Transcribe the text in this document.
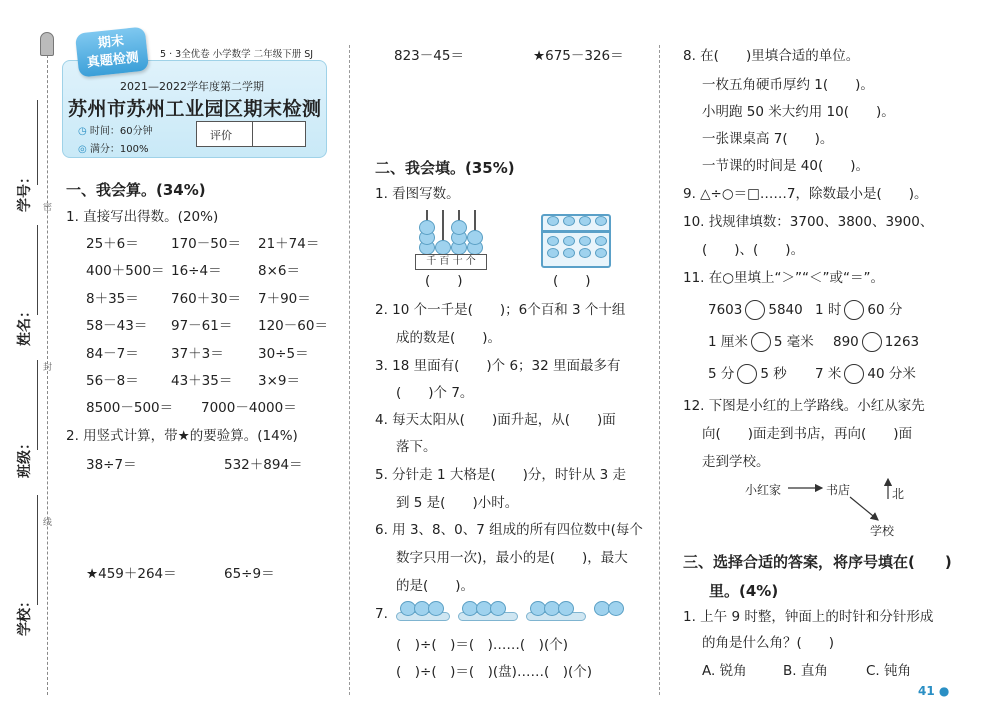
学号：
姓名：
班级：
学校：
密
封
线
期末
真题检测	5 · 3全优卷 小学数学 二年级下册 SJ
2021—2022学年度第二学期
苏州市苏州工业园区期末检测
◷ 时间：60分钟
◎ 满分：100%
评价
一、我会算。(34%)
1. 直接写出得数。(20%)
25＋6＝ 170－50＝ 21＋74＝
400＋500＝ 16÷4＝	8×6＝
8＋35＝ 760＋30＝ 7＋90＝
58－43＝ 97－61＝ 120－60＝
84－7＝ 37＋3＝	30÷5＝
56－8＝ 43＋35＝ 3×9＝
8500－500＝ 7000－4000＝
2. 用竖式计算，带★的要验算。(14%)
38÷7＝	532＋894＝
★459＋264＝	65÷9＝
823－45＝	★675－326＝
二、我会填。(35%)
1. 看图写数。
千 百 十 个
(　　)	(　　)
2. 10 个一千是(　　)；6个百和 3 个十组
成的数是(　　)。
3. 18 里面有(　　)个 6；32 里面最多有
(　　)个 7。
4. 每天太阳从(　　)面升起，从(　　)面
落下。
5. 分针走 1 大格是(　　)分，时针从 3 走
到 5 是(　　)小时。
6. 用 3、8、0、7 组成的所有四位数中(每个
数字只用一次)，最小的是(　　)，最大
的是(　　)。
7.
(　)÷(　)＝(　)……(　)(个)
(　)÷(　)＝(　)(盘)……(　)(个)
8. 在(　　)里填合适的单位。
一枚五角硬币厚约 1(　　)。
小明跑 50 米大约用 10(　　)。
一张课桌高 7(　　)。
一节课的时间是 40(　　)。
9. △÷○＝□……7，除数最小是(　　)。
10. 找规律填数：3700、3800、3900、
(　　)、(　　)。
11. 在○里填上“＞”“＜”或“＝”。
7603 5840 1 时 60 分
1 厘米 5 毫米 890 1263
5 分 5 秒 7 米 40 分米
12. 下图是小红的上学路线。小红从家先
向(　　)面走到书店，再向(　　)面
走到学校。
小红家	书店	北
学校
三、选择合适的答案，将序号填在(　　)
里。(4%)
1. 上午 9 时整，钟面上的时针和分针形成
的角是什么角？(　　)
A. 锐角	B. 直角	C. 钝角
41 ●
